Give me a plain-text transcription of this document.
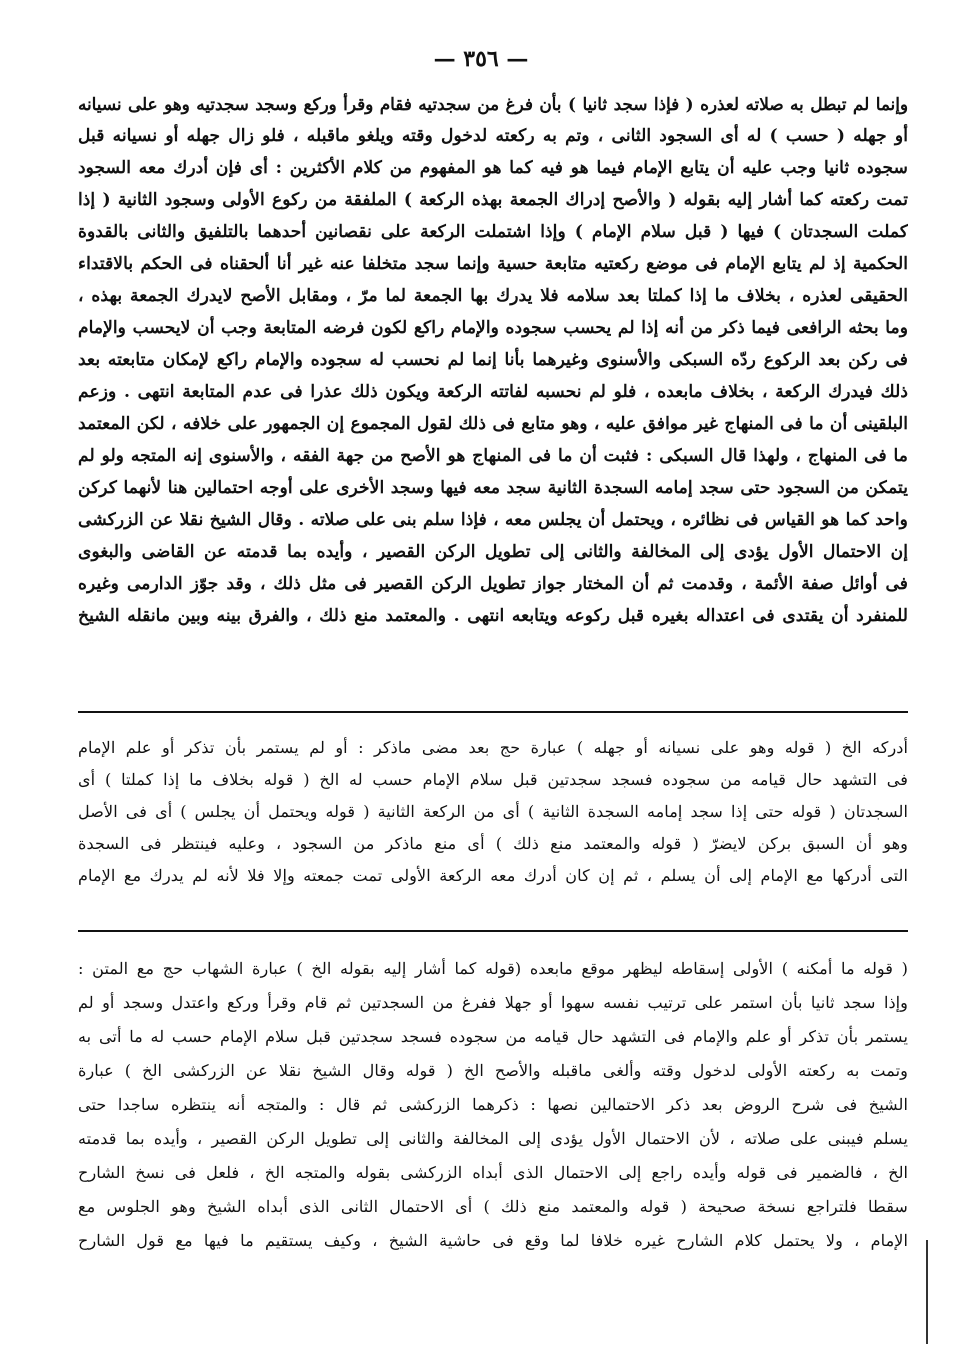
— ٣٥٦ —
وإنما لم تبطل به صلاته لعذره ( فإذا سجد ثانيا ) بأن فرغ من سجدتيه فقام وقرأ وركع وسجد سجدتيه وهو على نسيانه
أو جهله ( حسب ) له أى السجود الثانى ، وتم به ركعته لدخول وقته ويلغو ماقبله ، فلو زال جهله أو نسيانه قبل
سجوده ثانيا وجب عليه أن يتابع الإمام فيما هو فيه كما هو المفهوم من كلام الأكثرين : أى فإن أدرك معه السجود
تمت ركعته كما أشار إليه بقوله ( والأصح إدراك الجمعة بهذه الركعة ) الملفقة من ركوع الأولى وسجود الثانية ( إذا
كملت السجدتان ) فيها ( قبل سلام الإمام ) وإذا اشتملت الركعة على نقصانين أحدهما بالتلفيق والثانى بالقدوة
الحكمية إذ لم يتابع الإمام فى موضع ركعتيه متابعة حسية وإنما سجد متخلفا عنه غير أنا ألحقناه فى الحكم بالاقتداء
الحقيقى لعذره ، بخلاف ما إذا كملتا بعد سلامه فلا يدرك بها الجمعة لما مرّ ، ومقابل الأصح لايدرك الجمعة بهذه ،
وما بحثه الرافعى فيما ذكر من أنه إذا لم يحسب سجوده والإمام راكع لكون فرضه المتابعة وجب أن لايحسب والإمام
فى ركن بعد الركوع ردّه السبكى والأسنوى وغيرهما بأنا إنما لم نحسب له سجوده والإمام راكع لإمكان متابعته بعد
ذلك فيدرك الركعة ، بخلاف مابعده ، فلو لم نحسبه لفاتته الركعة ويكون ذلك عذرا فى عدم المتابعة انتهى . وزعم
البلقينى أن ما فى المنهاج غير موافق عليه ، وهو متابع فى ذلك لقول المجموع إن الجمهور على خلافه ، لكن المعتمد
ما فى المنهاج ، ولهذا قال السبكى : فثبت أن ما فى المنهاج هو الأصح من جهة الفقه ، والأسنوى إنه المتجه ولو لم
يتمكن من السجود حتى سجد إمامه السجدة الثانية سجد معه فيها وسجد الأخرى على أوجه احتمالين هنا لأنهما كركن
واحد كما هو القياس فى نظائره ، ويحتمل أن يجلس معه ، فإذا سلم بنى على صلاته . وقال الشيخ نقلا عن الزركشى
إن الاحتمال الأول يؤدى إلى المخالفة والثانى إلى تطويل الركن القصير ، وأيده بما قدمته عن القاضى والبغوى
فى أوائل صفة الأئمة ، وقدمت ثم أن المختار جواز تطويل الركن القصير فى مثل ذلك ، وقد جوّز الدارمى وغيره
للمنفرد أن يقتدى فى اعتداله بغيره قبل ركوعه ويتابعه انتهى . والمعتمد منع ذلك ، والفرق بينه وبين مانقله الشيخ
أدركه الخ ( قوله وهو على نسيانه أو جهله ) عبارة حج بعد مضى ماذكر : أو لم يستمر بأن تذكر أو علم الإمام
فى التشهد حال قيامه من سجوده فسجد سجدتين قبل سلام الإمام حسب له الخ ( قوله بخلاف ما إذا كملتا ) أى
السجدتان ( قوله حتى إذا سجد إمامه السجدة الثانية ) أى من الركعة الثانية ( قوله ويحتمل أن يجلس ) أى فى الأصل
وهو أن السبق بركن لايضرّ ( قوله والمعتمد منع ذلك ) أى منع ماذكر من السجود ، وعليه فينتظر فى السجدة
التى أدركها مع الإمام إلى أن يسلم ، ثم إن كان أدرك معه الركعة الأولى تمت جمعته وإلا فلا لأنه لم يدرك مع الإمام
( قوله ما أمكنه ) الأولى إسقاطه ليظهر موقع مابعده (قوله كما أشار إليه بقوله الخ ) عبارة الشهاب حج مع المتن :
وإذا سجد ثانيا بأن استمر على ترتيب نفسه سهوا أو جهلا ففرغ من السجدتين ثم قام وقرأ وركع واعتدل وسجد أو لم
يستمر بأن تذكر أو علم والإمام فى التشهد حال قيامه من سجوده فسجد سجدتين قبل سلام الإمام حسب له ما أتى به
وتمت به ركعته الأولى لدخول وقته وألغى ماقبله والأصح الخ ( قوله وقال الشيخ نقلا عن الزركشى الخ ) عبارة
الشيخ فى شرح الروض بعد ذكر الاحتمالين نصها : ذكرهما الزركشى ثم قال : والمتجه أنه ينتظره ساجدا حتى
يسلم فيبنى على صلاته ، لأن الاحتمال الأول يؤدى إلى المخالفة والثانى إلى تطويل الركن القصير ، وأيده بما قدمته
الخ ، فالضمير فى قوله وأيده راجع إلى الاحتمال الذى أبداه الزركشى بقوله والمتجه الخ ، فلعل فى نسخ الشارح
سقطا فلتراجع نسخة صحيحة ( قوله والمعتمد منع ذلك ) أى الاحتمال الثانى الذى أبداه الشيخ وهو الجلوس مع
الإمام ، ولا يحتمل كلام الشارح غيره خلافا لما وقع فى حاشية الشيخ ، وكيف يستقيم ما فيها مع قول الشارح
